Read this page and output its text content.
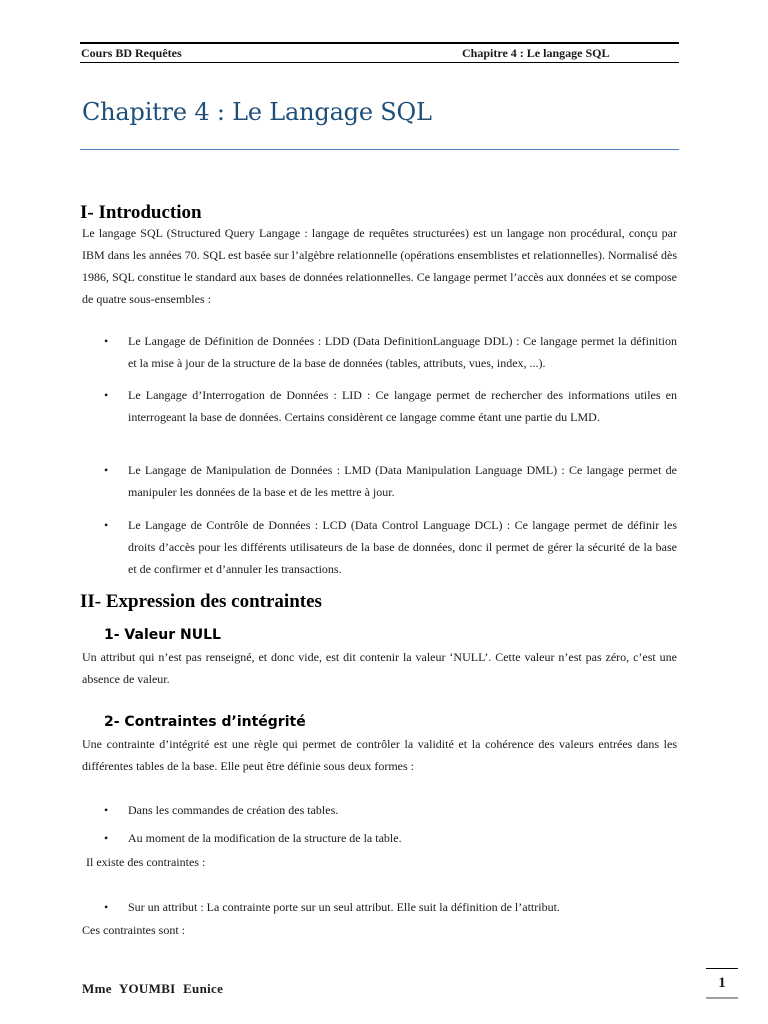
Cours BD Requêtes	Chapitre 4 : Le langage SQL
Chapitre 4 : Le Langage SQL
I- Introduction

Le langage SQL (Structured Query Langage : langage de requêtes structurées) est un langage non procédural, conçu par IBM dans les années 70. SQL est basée sur l’algèbre relationnelle (opérations ensemblistes et relationnelles). Normalisé dès 1986, SQL constitue le standard aux bases de données relationnelles. Ce langage permet l’accès aux données et se compose de quatre sous-ensembles :

• Le Langage de Définition de Données : LDD (Data DefinitionLanguage DDL) : Ce langage permet la définition et la mise à jour de la structure de la base de données (tables, attributs, vues, index, ...).
• Le Langage d’Interrogation de Données : LID : Ce langage permet de rechercher des informations utiles en interrogeant la base de données. Certains considèrent ce langage comme étant une partie du LMD.
• Le Langage de Manipulation de Données : LMD (Data Manipulation Language DML) : Ce langage permet de manipuler les données de la base et de les mettre à jour.
• Le Langage de Contrôle de Données : LCD (Data Control Language DCL) : Ce langage permet de définir les droits d’accès pour les différents utilisateurs de la base de données, donc il permet de gérer la sécurité de la base et de confirmer et d’annuler les transactions.
II- Expression des contraintes
1- Valeur NULL

Un attribut qui n’est pas renseigné, et donc vide, est dit contenir la valeur ‘NULL’. Cette valeur n’est pas zéro, c’est une absence de valeur.

2- Contraintes d’intégrité

Une contrainte d’intégrité est une règle qui permet de contrôler la validité et la cohérence des valeurs entrées dans les différentes tables de la base. Elle peut être définie sous deux formes :

• Dans les commandes de création des tables.
• Au moment de la modification de la structure de la table.

Il existe des contraintes :

• Sur un attribut : La contrainte porte sur un seul attribut. Elle suit la définition de l’attribut.

Ces contraintes sont :

Mme YOUMBI Eunice	1
